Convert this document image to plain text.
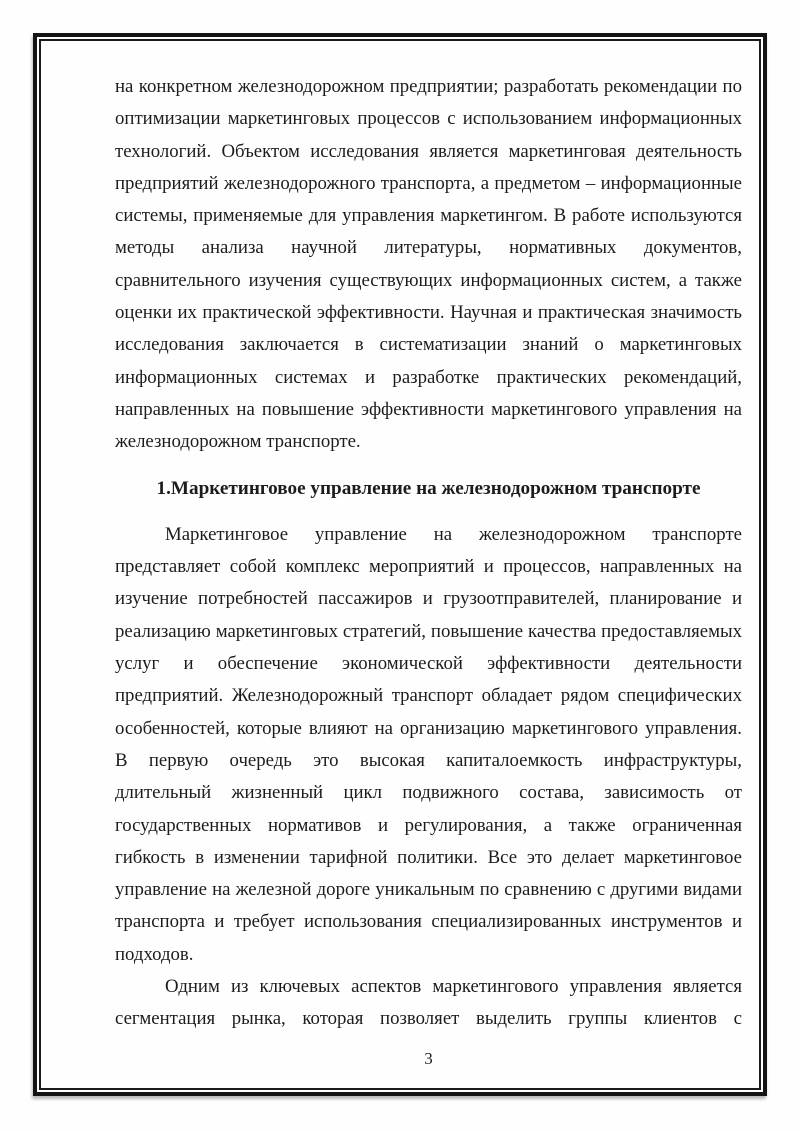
на конкретном железнодорожном предприятии; разработать рекомендации по
оптимизации маркетинговых процессов с использованием информационных
технологий. Объектом исследования является маркетинговая деятельность
предприятий железнодорожного транспорта, а предметом – информационные
системы, применяемые для управления маркетингом. В работе используются
методы анализа научной литературы, нормативных документов,
сравнительного изучения существующих информационных систем, а также
оценки их практической эффективности. Научная и практическая значимость
исследования заключается в систематизации знаний о маркетинговых
информационных системах и разработке практических рекомендаций,
направленных на повышение эффективности маркетингового управления на
железнодорожном транспорте.
1.Маркетинговое управление на железнодорожном транспорте
Маркетинговое управление на железнодорожном транспорте
представляет собой комплекс мероприятий и процессов, направленных на
изучение потребностей пассажиров и грузоотправителей, планирование и
реализацию маркетинговых стратегий, повышение качества предоставляемых
услуг и обеспечение экономической эффективности деятельности
предприятий. Железнодорожный транспорт обладает рядом специфических
особенностей, которые влияют на организацию маркетингового управления.
В первую очередь это высокая капиталоемкость инфраструктуры,
длительный жизненный цикл подвижного состава, зависимость от
государственных нормативов и регулирования, а также ограниченная
гибкость в изменении тарифной политики. Все это делает маркетинговое
управление на железной дороге уникальным по сравнению с другими видами
транспорта и требует использования специализированных инструментов и
подходов.
Одним из ключевых аспектов маркетингового управления является
сегментация рынка, которая позволяет выделить группы клиентов с
3
